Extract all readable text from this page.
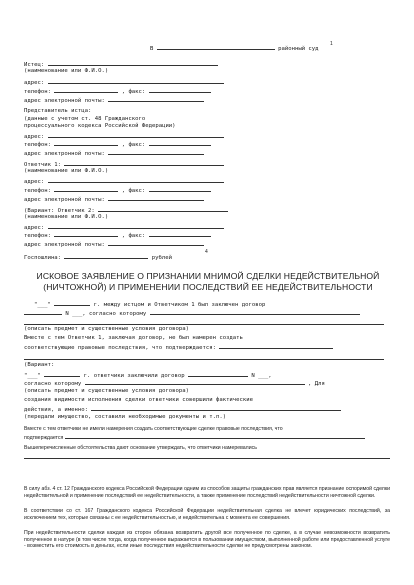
В	районный суд
1
Истец:
(наименование или Ф.И.О.)
адрес:
телефон:	, факс:
адрес электронной почты:
Представитель истца:
(данные с учетом ст. 48 Гражданского
процессуального кодекса Российской Федерации)
адрес:
телефон:	, факс:
адрес электронной почты:
Ответчик 1:
(наименование или Ф.И.О.)
адрес:
телефон:	, факс:
адрес электронной почты:
(Вариант: Ответчик 2:
(наименование или Ф.И.О.)
адрес:
телефон:	, факс:
адрес электронной почты:
Госпошлина:	рублей
4
ИСКОВОЕ ЗАЯВЛЕНИЕ О ПРИЗНАНИИ МНИМОЙ СДЕЛКИ НЕДЕЙСТВИТЕЛЬНОЙ
(НИЧТОЖНОЙ) И ПРИМЕНЕНИИ ПОСЛЕДСТВИЙ ЕЕ НЕДЕЙСТВИТЕЛЬНОСТИ
"___"	г. между истцом и Ответчиком 1 был заключен договор
N ___, согласно которому
(описать предмет и существенные условия договора)
Вместе с тем Ответчик 1, заключая договор, не был намерен создать
соответствующие правовые последствия, что подтверждается:
(Вариант:
"___"	г. ответчики заключили договор	N ___,
согласно которому	, Для
(описать предмет и существенные условия договора)
создания видимости исполнения сделки ответчики совершили фактические
действия, а именно:
(передали имущество, составили необходимые документы и т.п.)
Вместе с тем ответчики не имели намерения создать соответствующие сделке правовые последствия, что
подтверждается
Вышеперечисленные обстоятельства дают основание утверждать, что ответчики намеревались
В силу абз. 4 ст. 12 Гражданского кодекса Российской Федерации одним из способов защиты гражданских прав является признание оспоримой сделки недействительной и применение последствий ее недействительности, а также применение последствий недействительности ничтожной сделки.
В соответствии со ст. 167 Гражданского кодекса Российской Федерации недействительная сделка не влечет юридических последствий, за исключением тех, которые связаны с ее недействительностью, и недействительна с момента ее совершения.
При недействительности сделки каждая из сторон обязана возвратить другой все полученное по сделке, а в случае невозможности возвратить полученное в натуре (в том числе тогда, когда полученное выражается в пользовании имуществом, выполненной работе или предоставленной услуге - возместить его стоимость в деньгах, если иные последствия недействительности сделки не предусмотрены законом.
